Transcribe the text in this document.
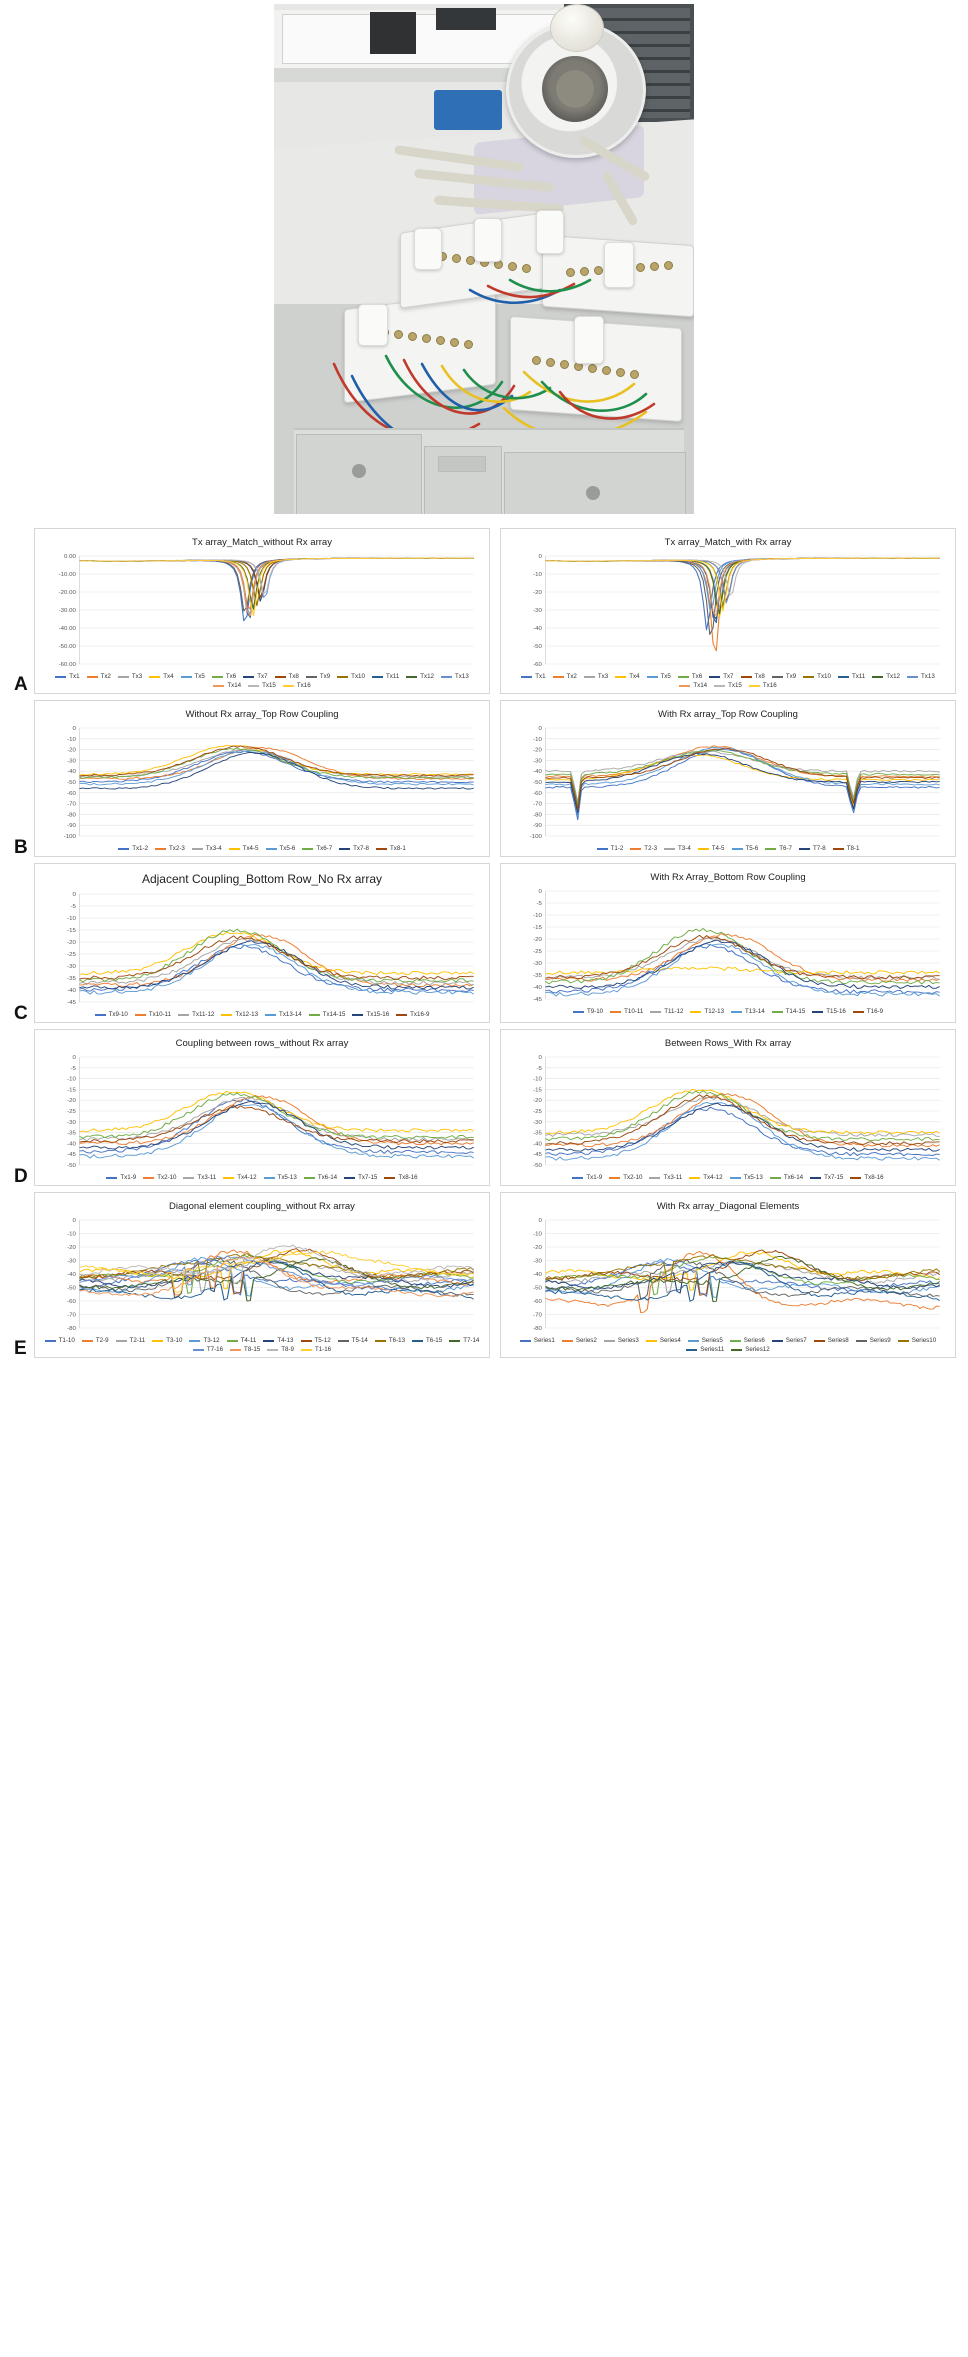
A
Tx array_Match_without Rx array
0.00
-10.00
-20.00
-30.00
-40.00
-50.00
-60.00
Tx1	Tx2	Tx3	Tx4	Tx5	Tx6	Tx7	Tx8	Tx9	Tx10	Tx11	Tx12	Tx13
Tx14	Tx15	Tx16
Tx array_Match_with Rx array
0
-10
-20
-30
-40
-50
-60
Tx1	Tx2	Tx3	Tx4	Tx5	Tx6	Tx7	Tx8	Tx9	Tx10	Tx11	Tx12	Tx13
Tx14	Tx15	Tx16
B
Without Rx array_Top Row Coupling
0
-10
-20
-30
-40
-50
-60
-70
-80
-90
-100
Tx1-2	Tx2-3	Tx3-4	Tx4-5	Tx5-6	Tx6-7	Tx7-8	Tx8-1
With Rx array_Top Row Coupling
0
-10
-20
-30
-40
-50
-60
-70
-80
-90
-100
T1-2	T2-3	T3-4	T4-5	T5-6	T6-7	T7-8	T8-1
C
Adjacent Coupling_Bottom Row_No Rx array
0
-5
-10
-15
-20
-25
-30
-35
-40
-45
Tx9-10	Tx10-11	Tx11-12	Tx12-13	Tx13-14	Tx14-15	Tx15-16	Tx16-9
With Rx Array_Bottom Row Coupling
0
-5
-10
-15
-20
-25
-30
-35
-40
-45
T9-10	T10-11	T11-12	T12-13	T13-14	T14-15	T15-16	T16-9
D
Coupling between rows_without Rx array
0
-5
-10
-15
-20
-25
-30
-35
-40
-45
-50
Tx1-9	Tx2-10	Tx3-11	Tx4-12	Tx5-13	Tx6-14	Tx7-15	Tx8-16
Between Rows_With Rx array
0
-5
-10
-15
-20
-25
-30
-35
-40
-45
-50
Tx1-9	Tx2-10	Tx3-11	Tx4-12	Tx5-13	Tx6-14	Tx7-15	Tx8-16
E
Diagonal element coupling_without Rx array
0
-10
-20
-30
-40
-50
-60
-70
-80
T1-10	T2-9	T2-11	T3-10	T3-12	T4-11	T4-13	T5-12	T5-14	T6-13	T6-15	T7-14
T7-16	T8-15	T8-9	T1-16
With Rx array_Diagonal Elements
0
-10
-20
-30
-40
-50
-60
-70
-80
Series1	Series2	Series3	Series4	Series5	Series6	Series7	Series8	Series9	Series10
Series11	Series12
